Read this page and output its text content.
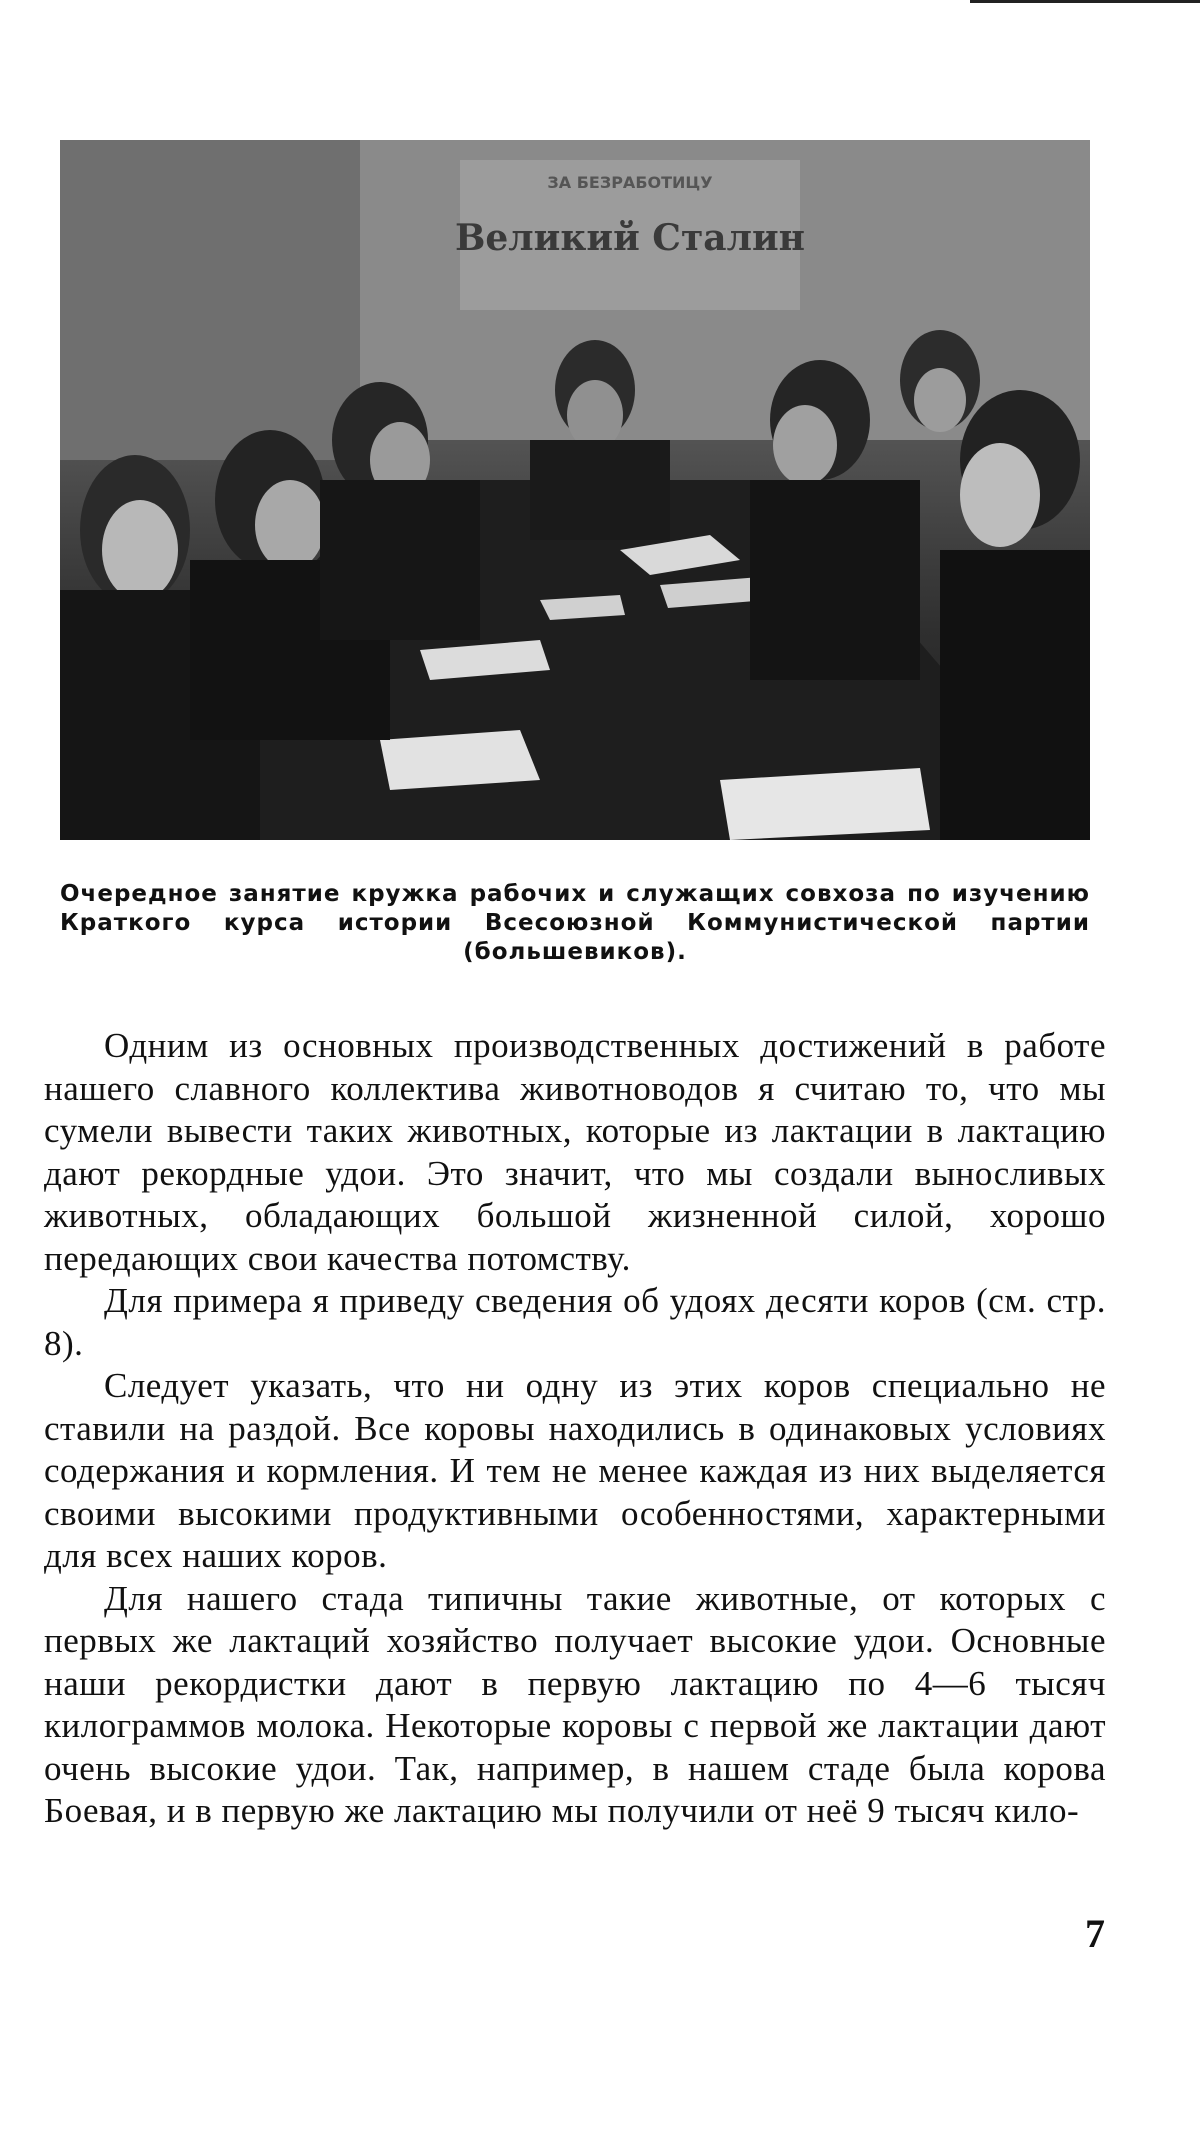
ЗА БЕЗРАБОТИЦУ
Великий Сталин
Очередное занятие кружка рабочих и служащих совхоза по изучению Краткого курса истории Всесоюзной Коммунистической партии (большевиков).

Одним из основных производственных достижений в работе нашего славного коллектива животноводов я считаю то, что мы сумели вывести таких животных, которые из лактации в лактацию дают рекордные удои. Это значит, что мы создали выносливых животных, обладающих большой жизненной силой, хорошо передающих свои качества потомству.

Для примера я приведу сведения об удоях десяти коров (см. стр. 8).

Следует указать, что ни одну из этих коров специально не ставили на раздой. Все коровы находились в одинаковых условиях содержания и кормления. И тем не менее каждая из них выделяется своими высокими продуктивными особенностями, характерными для всех наших коров.

Для нашего стада типичны такие животные, от которых с первых же лактаций хозяйство получает высокие удои. Основные наши рекордистки дают в первую лактацию по 4—6 тысяч килограммов молока. Некоторые коровы с первой же лактации дают очень высокие удои. Так, например, в нашем стаде была корова Боевая, и в первую же лактацию мы получили от неё 9 тысяч кило-

7
